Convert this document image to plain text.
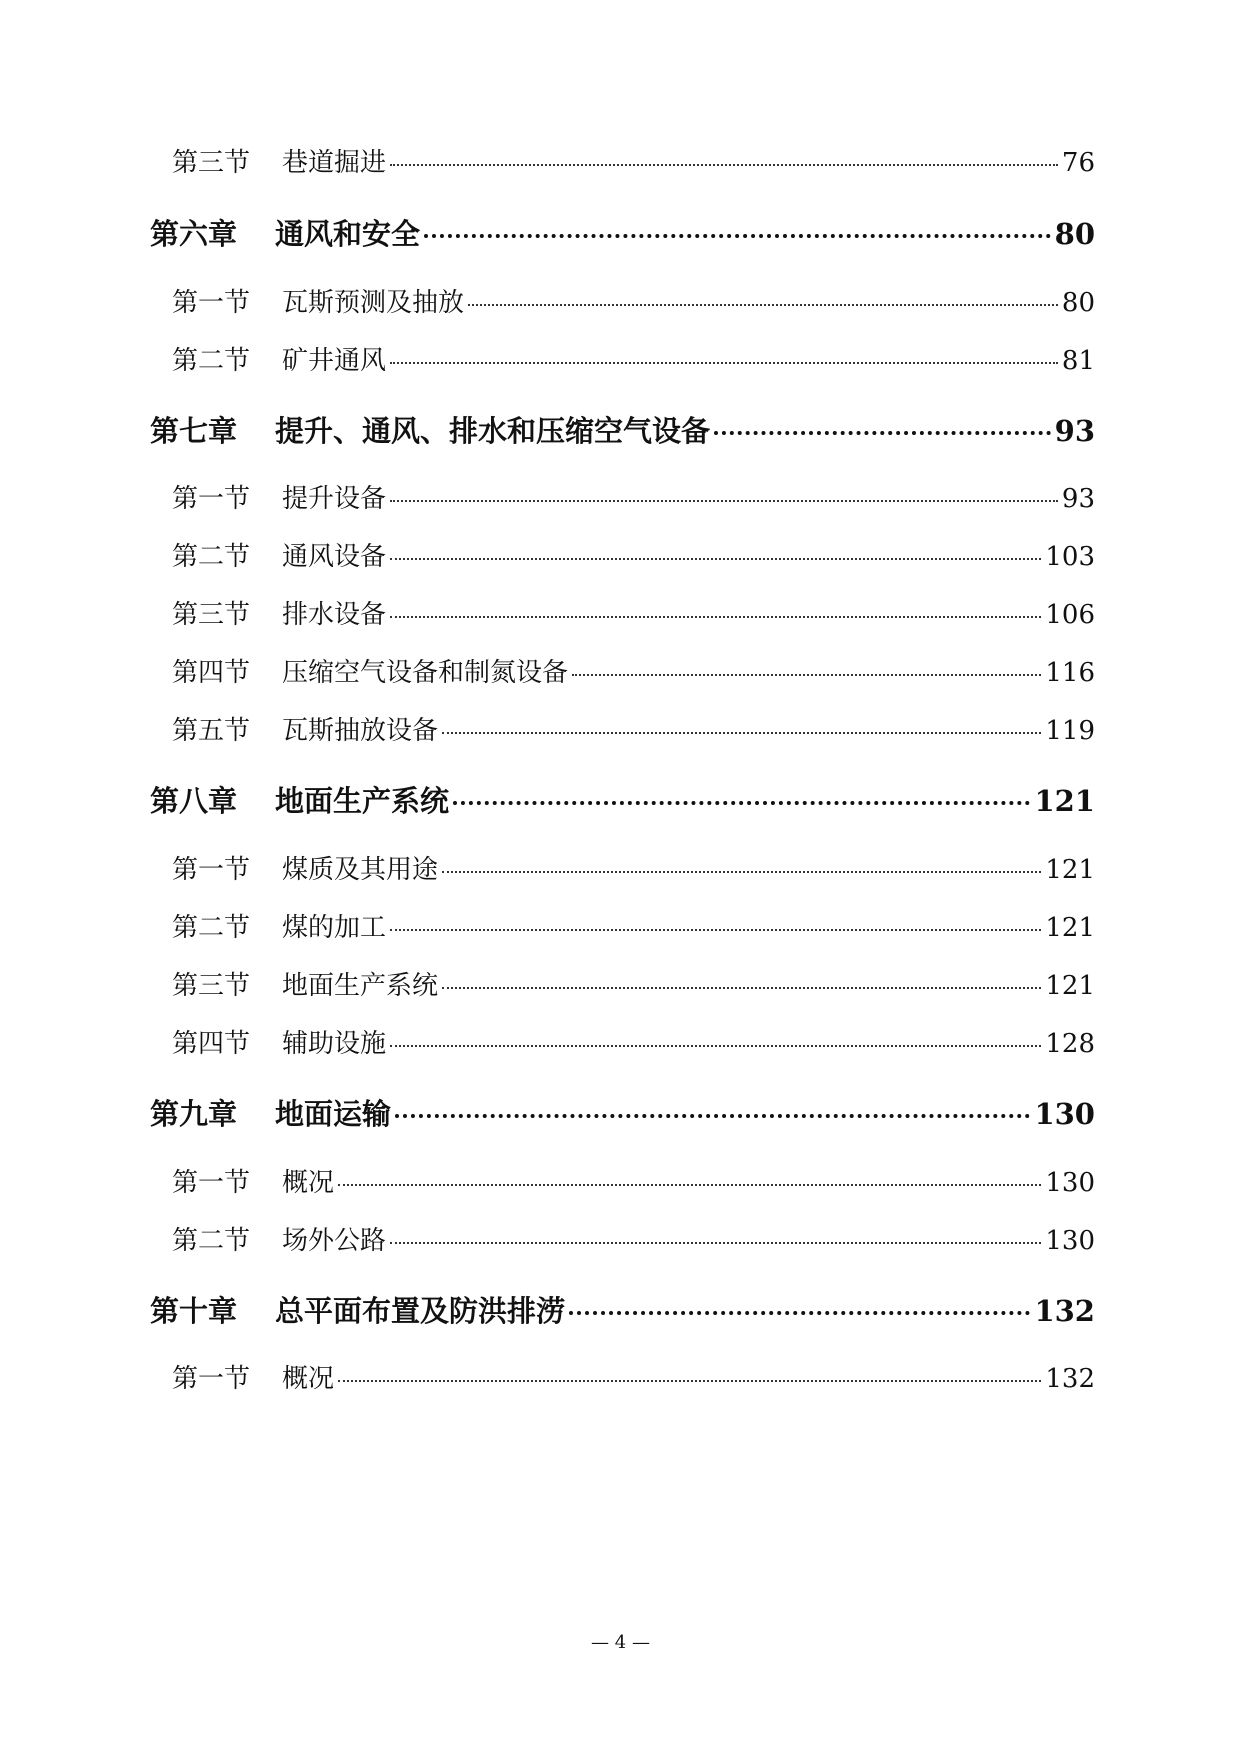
第三节	巷道掘进	76
第六章	通风和安全	80
第一节	瓦斯预测及抽放	80
第二节	矿井通风	81
第七章	提升、通风、排水和压缩空气设备	93
第一节	提升设备	93
第二节	通风设备	103
第三节	排水设备	106
第四节	压缩空气设备和制氮设备	116
第五节	瓦斯抽放设备	119
第八章	地面生产系统	121
第一节	煤质及其用途	121
第二节	煤的加工	121
第三节	地面生产系统	121
第四节	辅助设施	128
第九章	地面运输	130
第一节	概况	130
第二节	场外公路	130
第十章	总平面布置及防洪排涝	132
第一节	概况	132
— 4 —
